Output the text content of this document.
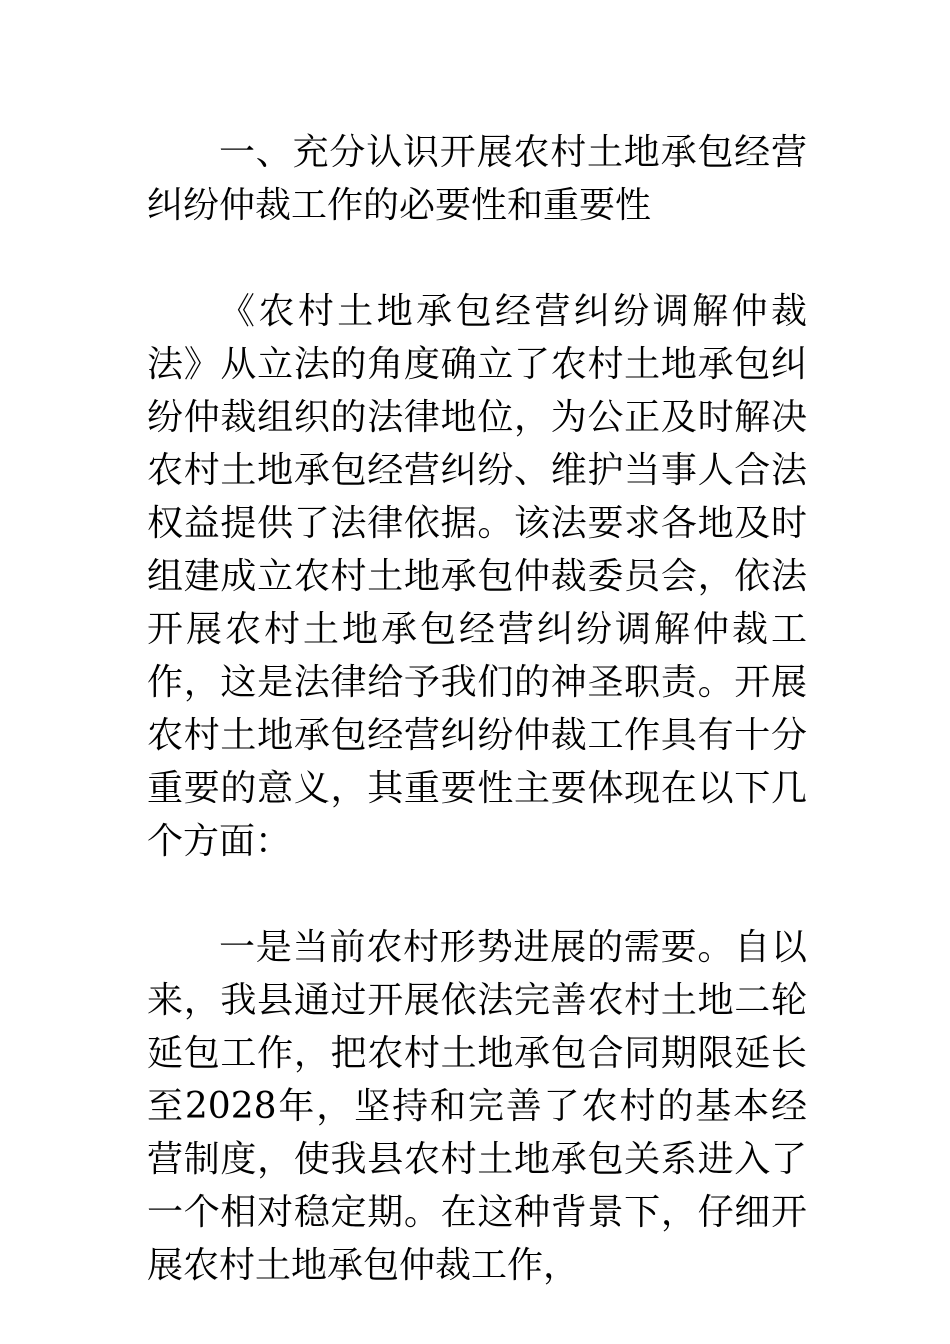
一、充分认识开展农村土地承包经营纠纷仲裁工作的必要性和重要性

《农村土地承包经营纠纷调解仲裁法》从立法的角度确立了农村土地承包纠纷仲裁组织的法律地位，为公正及时解决农村土地承包经营纠纷、维护当事人合法权益提供了法律依据。该法要求各地及时组建成立农村土地承包仲裁委员会，依法开展农村土地承包经营纠纷调解仲裁工作，这是法律给予我们的神圣职责。开展农村土地承包经营纠纷仲裁工作具有十分重要的意义，其重要性主要体现在以下几个方面：

一是当前农村形势进展的需要。自以来，我县通过开展依法完善农村土地二轮延包工作，把农村土地承包合同期限延长至2028年，坚持和完善了农村的基本经营制度，使我县农村土地承包关系进入了一个相对稳定期。在这种背景下，仔细开展农村土地承包仲裁工作，
